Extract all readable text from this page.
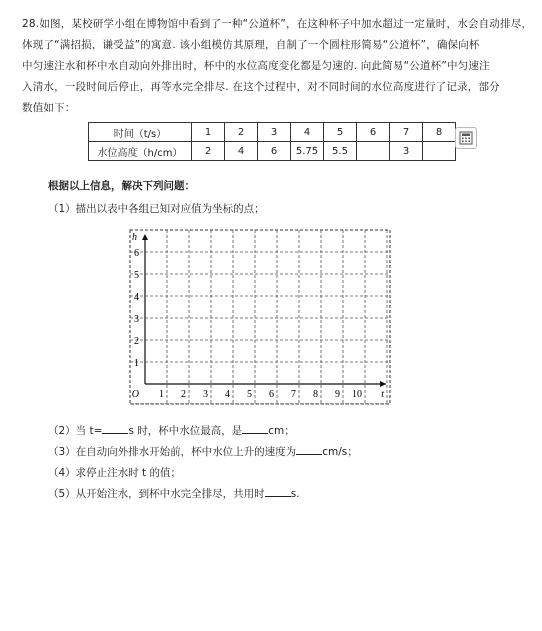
28.如图，某校研学小组在博物馆中看到了一种“公道杯”，在这种杯子中加水超过一定量时，水会自动排尽，
体现了“满招损，谦受益”的寓意. 该小组模仿其原理，自制了一个圆柱形简易“公道杯”，确保向杯
中匀速注水和杯中水自动向外排出时，杯中的水位高度变化都是匀速的. 向此简易“公道杯”中匀速注
入清水，一段时间后停止，再等水完全排尽. 在这个过程中，对不同时间的水位高度进行了记录，部分
数值如下：
时间（t/s）	1	2	3	4	5	6	7	8
水位高度（h/cm）	2	4	6	5.75	5.5		3	
根据以上信息，解决下列问题：
（1）描出以表中各组已知对应值为坐标的点；
O 1 2 3 4 5 6 7 8 9 10
1
2
3
4
5
6
t
h
（2）当 t= s 时，杯中水位最高，是 cm；
（3）在自动向外排水开始前，杯中水位上升的速度为 cm/s；
（4）求停止注水时 t 的值；
（5）从开始注水，到杯中水完全排尽，共用时 s.
